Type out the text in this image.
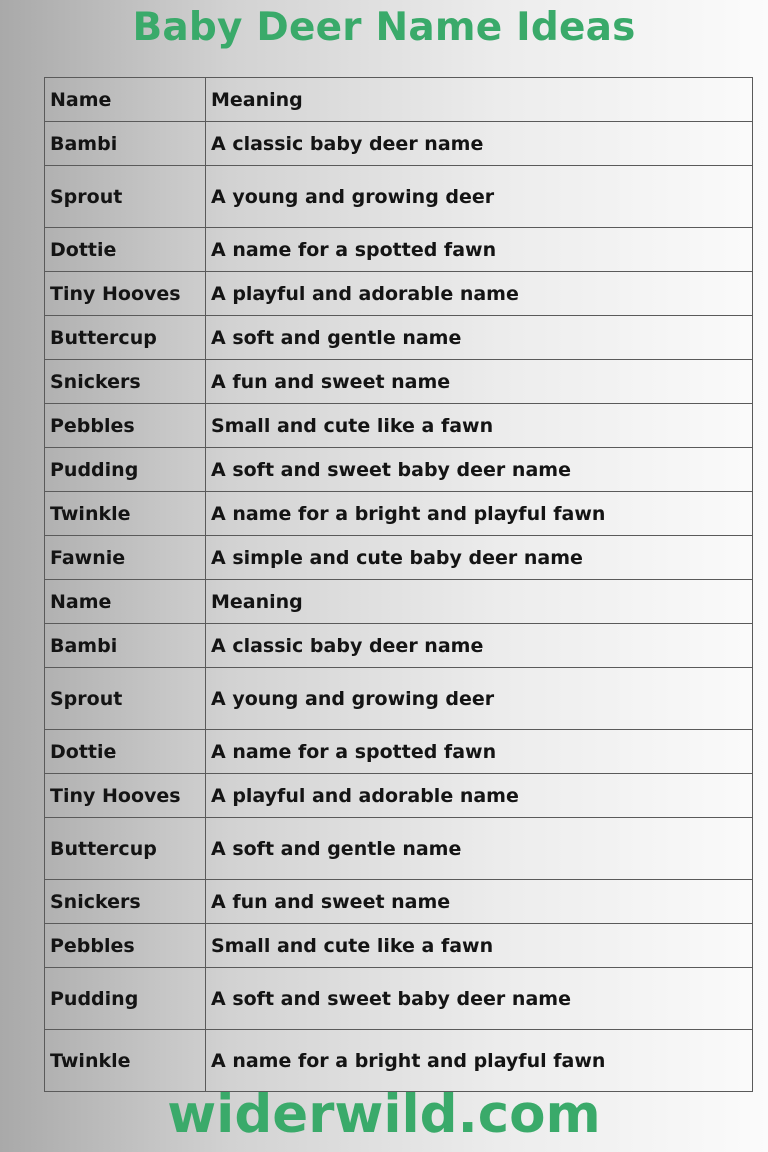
Baby Deer Name Ideas
Name	Meaning
Bambi	A classic baby deer name
Sprout	A young and growing deer
Dottie	A name for a spotted fawn
Tiny Hooves	A playful and adorable name
Buttercup	A soft and gentle name
Snickers	A fun and sweet name
Pebbles	Small and cute like a fawn
Pudding	A soft and sweet baby deer name
Twinkle	A name for a bright and playful fawn
Fawnie	A simple and cute baby deer name
Name	Meaning
Bambi	A classic baby deer name
Sprout	A young and growing deer
Dottie	A name for a spotted fawn
Tiny Hooves	A playful and adorable name
Buttercup	A soft and gentle name
Snickers	A fun and sweet name
Pebbles	Small and cute like a fawn
Pudding	A soft and sweet baby deer name
Twinkle	A name for a bright and playful fawn
widerwild.com
